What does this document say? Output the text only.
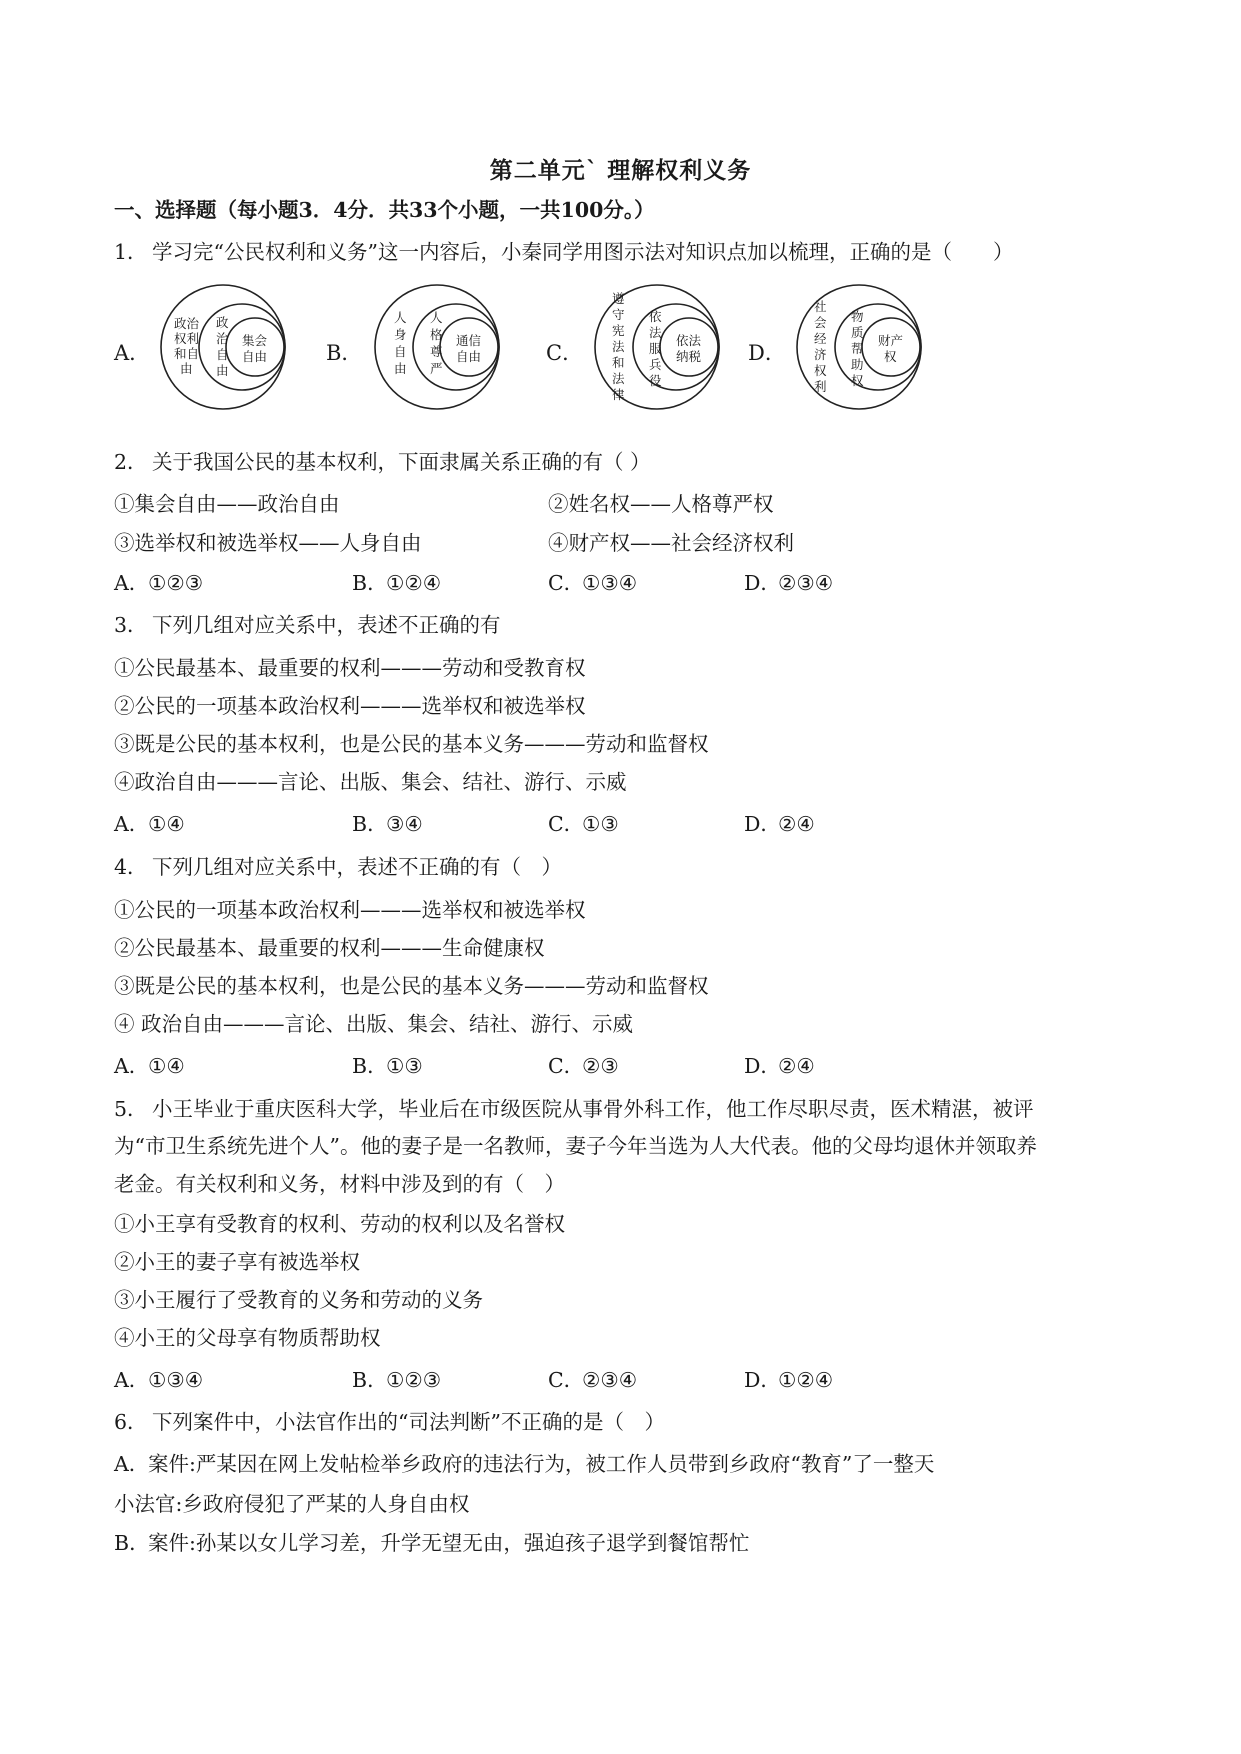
第二单元` 理解权利义务
一、选择题（每小题3．4分．共33个小题，一共100分。）
1． 学习完“公民权利和义务”这一内容后，小秦同学用图示法对知识点加以梳理，正确的是（　　）
A．
政治
权利
和自
由
政
治
自
由
集会
自由	B．
人
身
自
由
人
格
尊
严
通信
自由	C．
遵
守
宪
法
和
法
律
依
法
服
兵
役
依法
纳税 D．
社
会
经
济
权
利
物
质
帮
助
权
财产
权
2． 关于我国公民的基本权利，下面隶属关系正确的有（ ）
①集会自由——政治自由	②姓名权——人格尊严权
③选举权和被选举权——人身自由	④财产权——社会经济权利
A．①②③	B．①②④	C．①③④	D．②③④
3． 下列几组对应关系中，表述不正确的有
①公民最基本、最重要的权利———劳动和受教育权
②公民的一项基本政治权利———选举权和被选举权
③既是公民的基本权利，也是公民的基本义务———劳动和监督权
④政治自由———言论、出版、集会、结社、游行、示威
A．①④	B．③④	C．①③	D．②④
4． 下列几组对应关系中，表述不正确的有（　）
①公民的一项基本政治权利———选举权和被选举权
②公民最基本、最重要的权利———生命健康权
③既是公民的基本权利，也是公民的基本义务———劳动和监督权
④ 政治自由———言论、出版、集会、结社、游行、示威
A．①④	B．①③	C．②③	D．②④
5． 小王毕业于重庆医科大学，毕业后在市级医院从事骨外科工作，他工作尽职尽责，医术精湛，被评
为“市卫生系统先进个人”。他的妻子是一名教师，妻子今年当选为人大代表。他的父母均退休并领取养
老金。有关权利和义务，材料中涉及到的有（　）
①小王享有受教育的权利、劳动的权利以及名誉权
②小王的妻子享有被选举权
③小王履行了受教育的义务和劳动的义务
④小王的父母享有物质帮助权
A．①③④	B．①②③	C．②③④	D．①②④
6． 下列案件中，小法官作出的“司法判断”不正确的是（　）
A．案件:严某因在网上发帖检举乡政府的违法行为，被工作人员带到乡政府“教育”了一整天
小法官:乡政府侵犯了严某的人身自由权
B．案件:孙某以女儿学习差，升学无望无由，强迫孩子退学到餐馆帮忙
